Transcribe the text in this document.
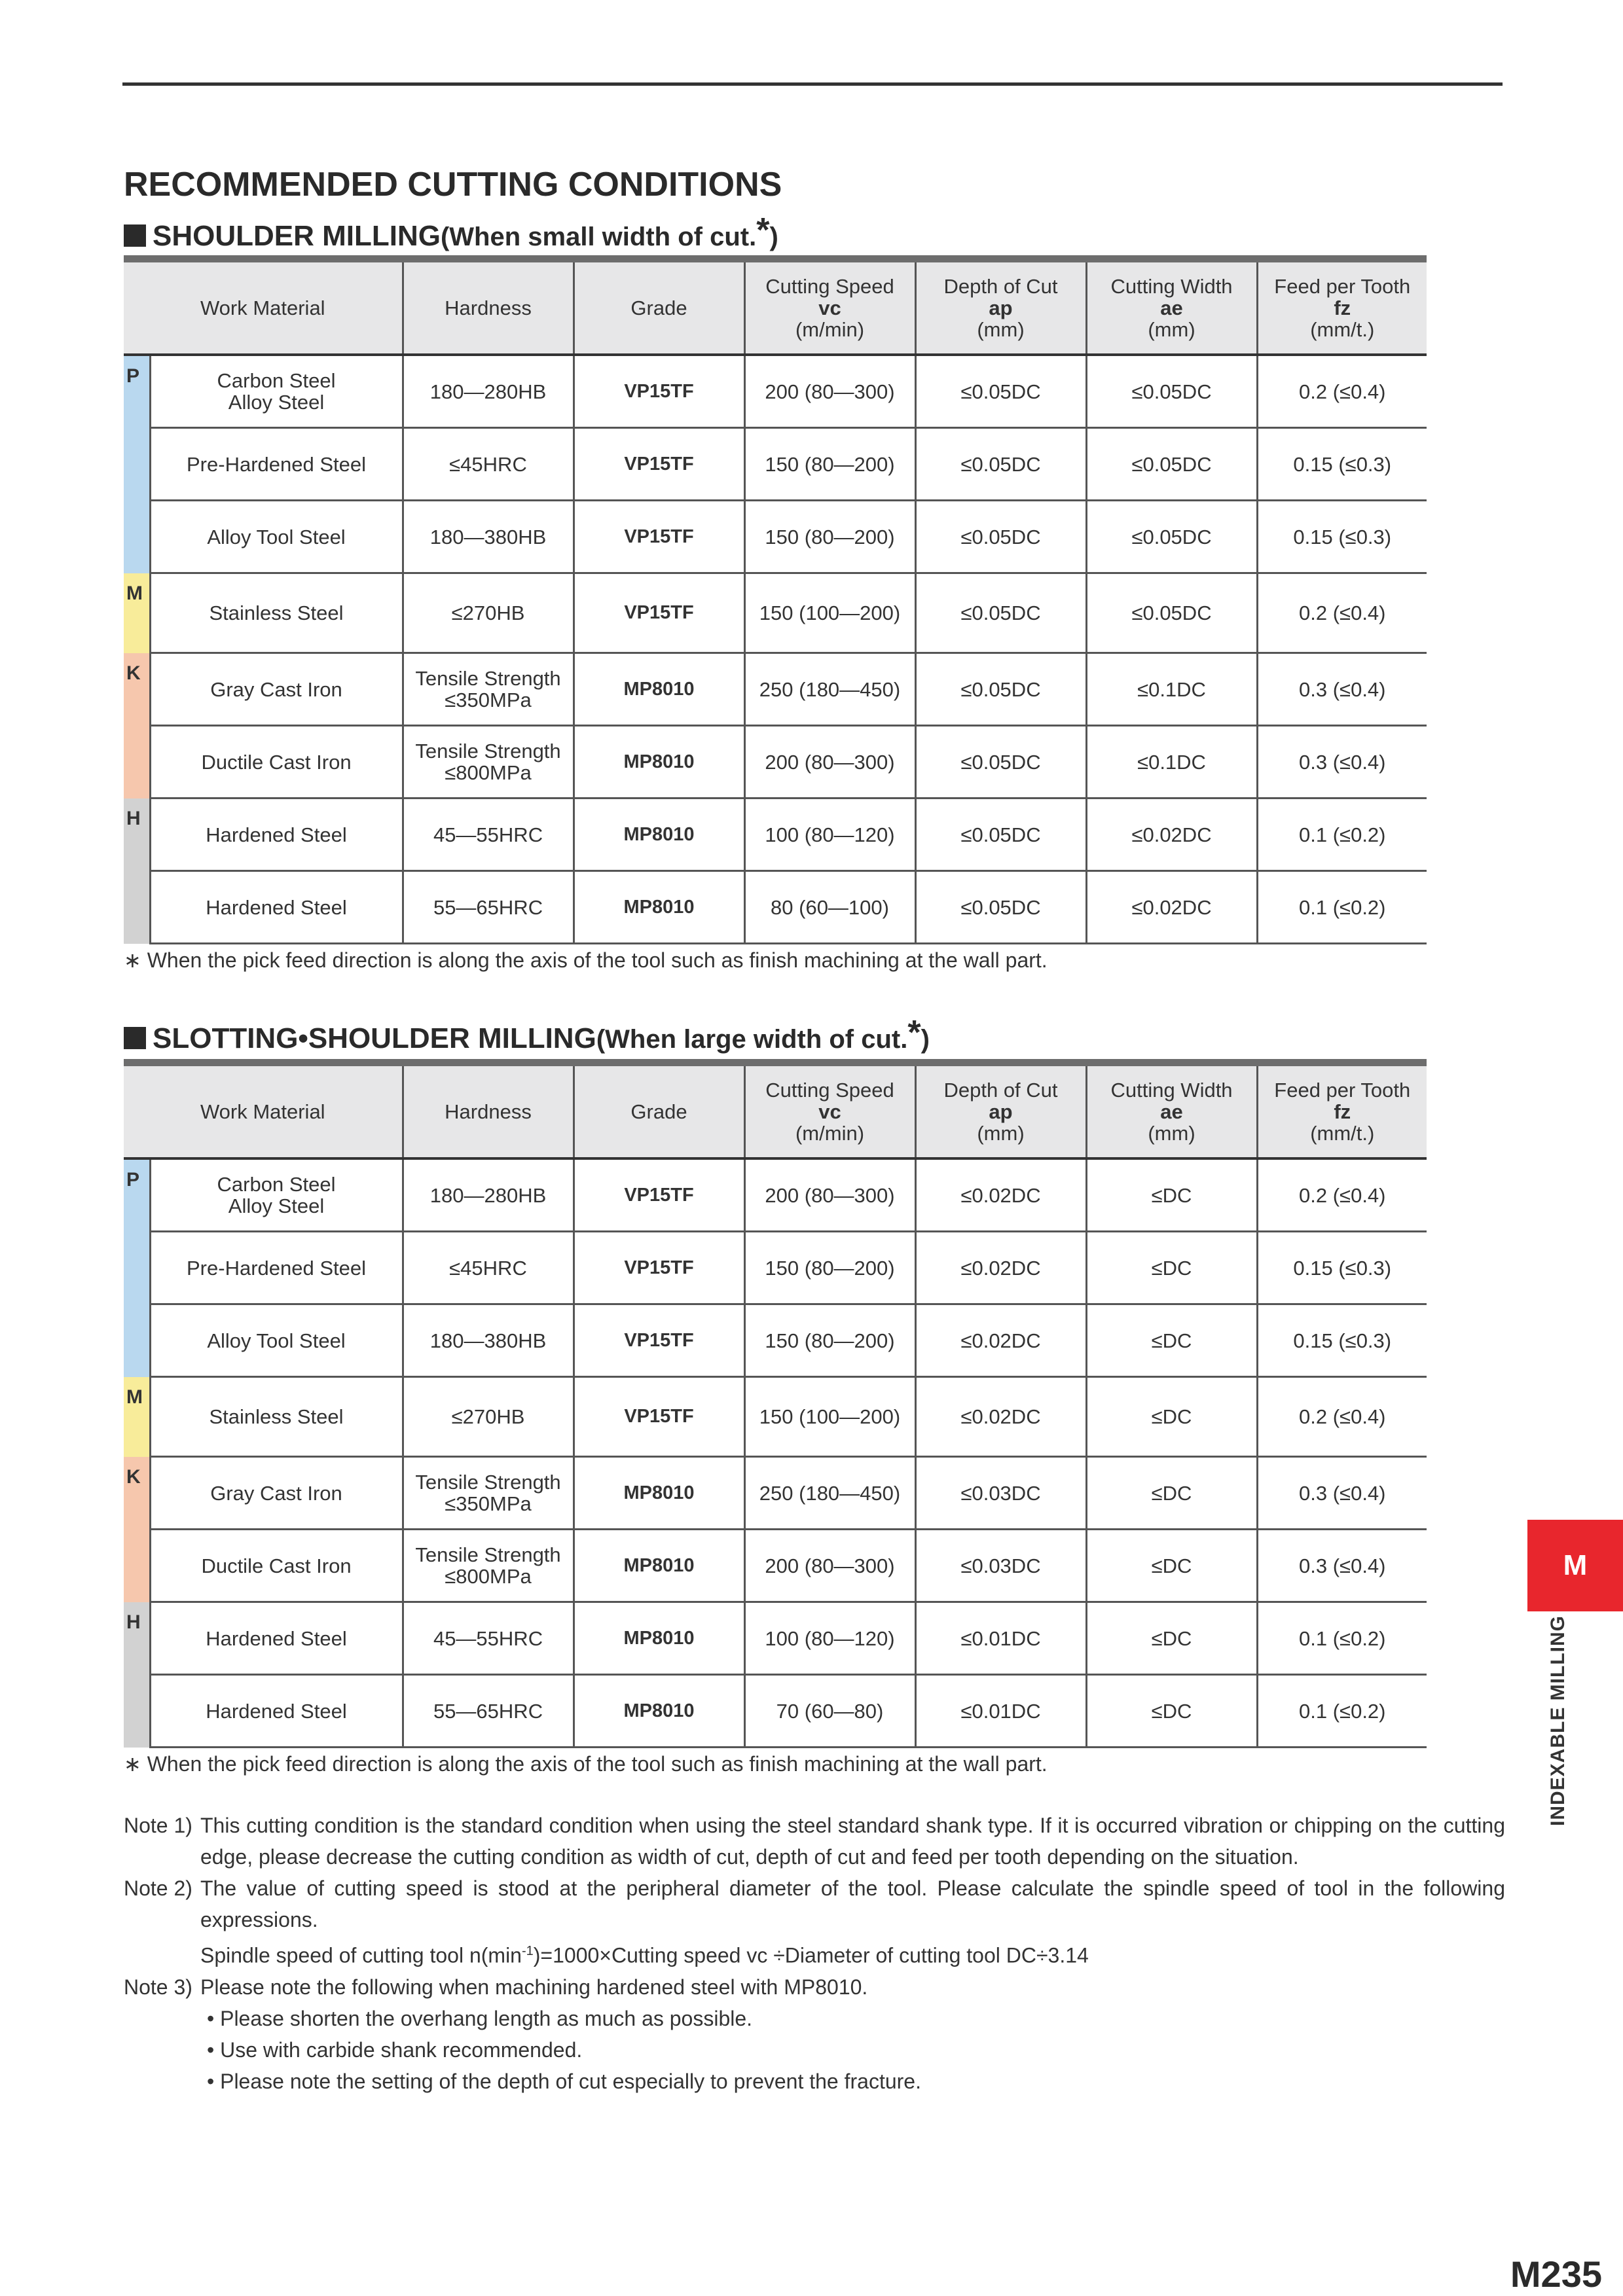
RECOMMENDED CUTTING CONDITIONS
SHOULDER MILLING(When small width of cut.*)
Work Material		Hardness	Grade	Cutting Speed
vc
(m/min)	Depth of Cut
ap
(mm)	Cutting Width
ae
(mm)	Feed per Tooth
fz
(mm/t.)
P	Carbon Steel
Alloy Steel	180—280HB	VP15TF	200 (80—300)	≤0.05DC	≤0.05DC	0.2 (≤0.4)
	Pre-Hardened Steel	≤45HRC	VP15TF	150 (80—200)	≤0.05DC	≤0.05DC	0.15 (≤0.3)
	Alloy Tool Steel	180—380HB	VP15TF	150 (80—200)	≤0.05DC	≤0.05DC	0.15 (≤0.3)
M	Stainless Steel	≤270HB	VP15TF	150 (100—200)	≤0.05DC	≤0.05DC	0.2 (≤0.4)
K	Gray Cast Iron	Tensile Strength
≤350MPa	MP8010	250 (180—450)	≤0.05DC	≤0.1DC	0.3 (≤0.4)
	Ductile Cast Iron	Tensile Strength
≤800MPa	MP8010	200 (80—300)	≤0.05DC	≤0.1DC	0.3 (≤0.4)
H	Hardened Steel	45—55HRC	MP8010	100 (80—120)	≤0.05DC	≤0.02DC	0.1 (≤0.2)
	Hardened Steel	55—65HRC	MP8010	80 (60—100)	≤0.05DC	≤0.02DC	0.1 (≤0.2)
∗ When the pick feed direction is along the axis of the tool such as finish machining at the wall part.
SLOTTING•SHOULDER MILLING(When large width of cut.*)
Work Material		Hardness	Grade	Cutting Speed
vc
(m/min)	Depth of Cut
ap
(mm)	Cutting Width
ae
(mm)	Feed per Tooth
fz
(mm/t.)
P	Carbon Steel
Alloy Steel	180—280HB	VP15TF	200 (80—300)	≤0.02DC	≤DC	0.2 (≤0.4)
	Pre-Hardened Steel	≤45HRC	VP15TF	150 (80—200)	≤0.02DC	≤DC	0.15 (≤0.3)
	Alloy Tool Steel	180—380HB	VP15TF	150 (80—200)	≤0.02DC	≤DC	0.15 (≤0.3)
M	Stainless Steel	≤270HB	VP15TF	150 (100—200)	≤0.02DC	≤DC	0.2 (≤0.4)
K	Gray Cast Iron	Tensile Strength
≤350MPa	MP8010	250 (180—450)	≤0.03DC	≤DC	0.3 (≤0.4)
	Ductile Cast Iron	Tensile Strength
≤800MPa	MP8010	200 (80—300)	≤0.03DC	≤DC	0.3 (≤0.4)
H	Hardened Steel	45—55HRC	MP8010	100 (80—120)	≤0.01DC	≤DC	0.1 (≤0.2)
	Hardened Steel	55—65HRC	MP8010	70 (60—80)	≤0.01DC	≤DC	0.1 (≤0.2)
∗ When the pick feed direction is along the axis of the tool such as finish machining at the wall part.
Note 1) This cutting condition is the standard condition when using the steel standard shank type. If it is occurred vibration or chipping on the cutting edge, please decrease the cutting condition as width of cut, depth of cut and feed per tooth depending on the situation.
Note 2) The value of cutting speed is stood at the peripheral diameter of the tool. Please calculate the spindle speed of tool in the following expressions.
Spindle speed of cutting tool $n(\min^{-1})=1000\times Cutting$ speed vc ÷Diameter of cutting tool DC÷3.14
Note 3) Please note the following when machining hardened steel with MP8010.
• Please shorten the overhang length as much as possible.
• Use with carbide shank recommended.
• Please note the setting of the depth of cut especially to prevent the fracture.
M
INDEXABLE MILLING
M235
